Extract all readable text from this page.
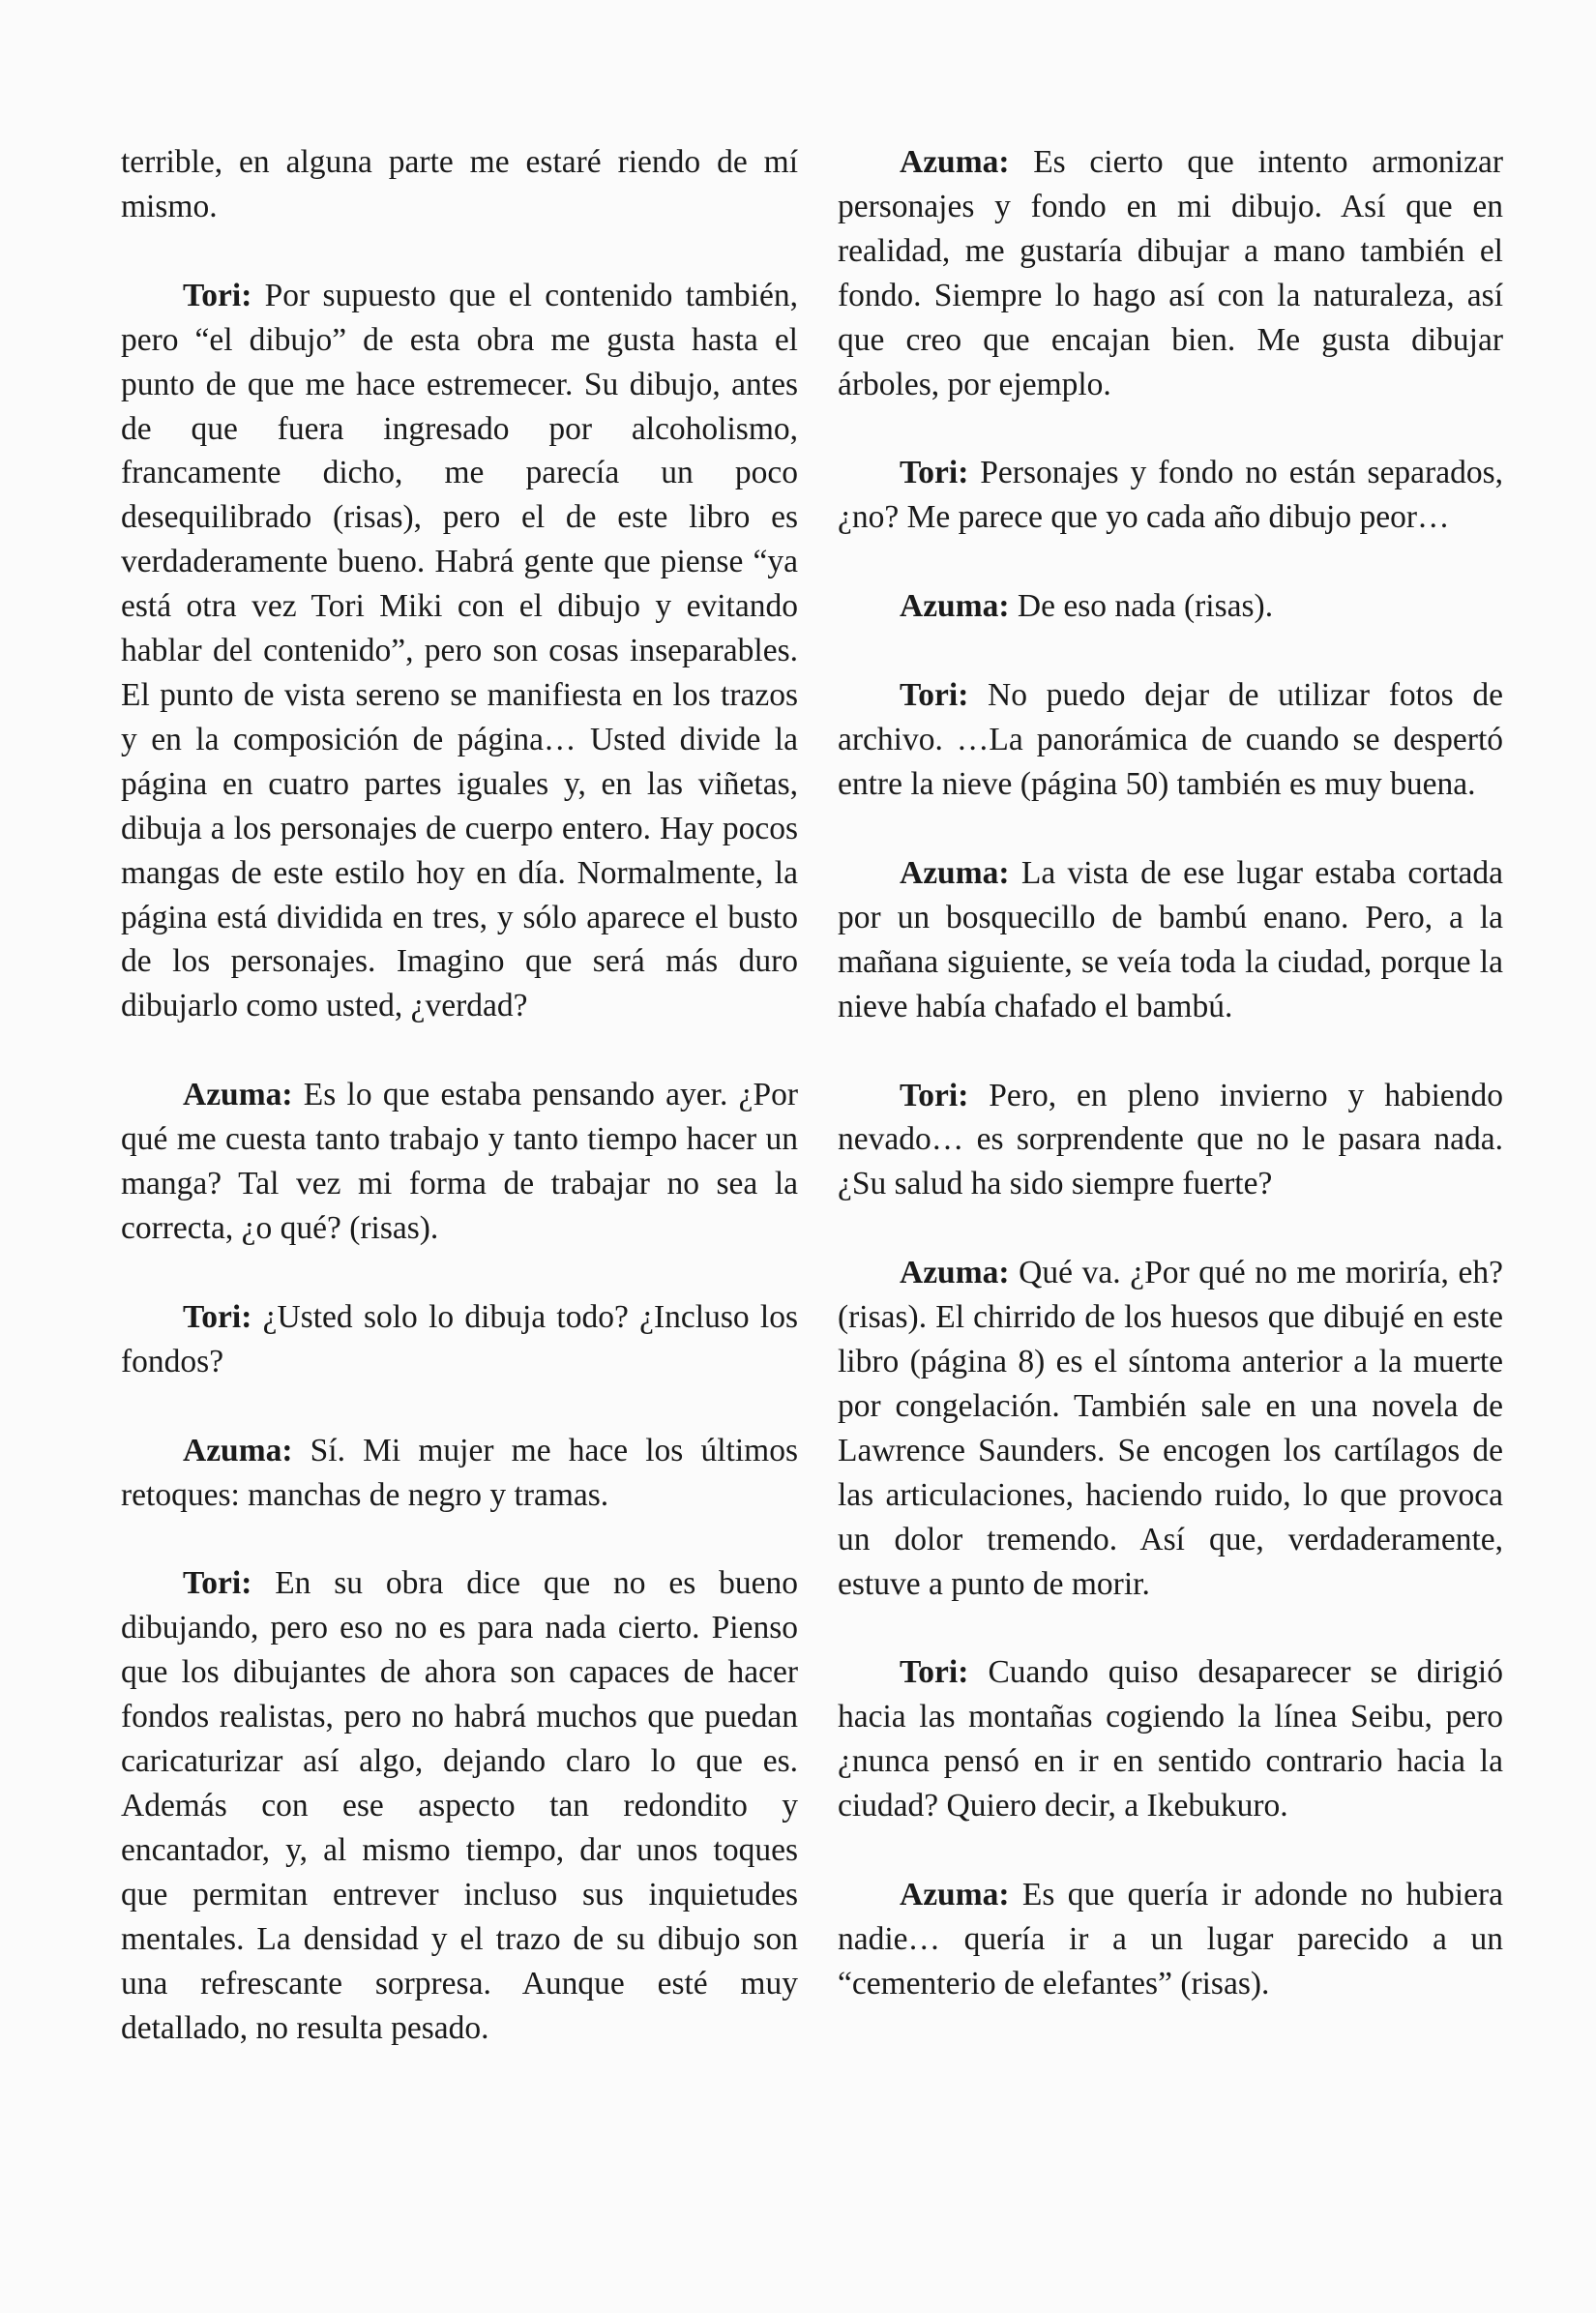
terrible, en alguna parte me estaré riendo de mí mismo.

Tori: Por supuesto que el contenido también, pero “el dibujo” de esta obra me gusta hasta el punto de que me hace estremecer. Su dibujo, antes de que fuera ingresado por alcoholismo, francamente dicho, me parecía un poco desequilibrado (risas), pero el de este libro es verdaderamente bueno. Habrá gente que piense “ya está otra vez Tori Miki con el dibujo y evitando hablar del contenido”, pero son cosas inseparables. El punto de vista sereno se manifiesta en los trazos y en la composición de página… Usted divide la página en cuatro partes iguales y, en las viñetas, dibuja a los personajes de cuerpo entero. Hay pocos mangas de este estilo hoy en día. Normalmente, la página está dividida en tres, y sólo aparece el busto de los personajes. Imagino que será más duro dibujarlo como usted, ¿verdad?

Azuma: Es lo que estaba pensando ayer. ¿Por qué me cuesta tanto trabajo y tanto tiempo hacer un manga? Tal vez mi forma de trabajar no sea la correcta, ¿o qué? (risas).

Tori: ¿Usted solo lo dibuja todo? ¿Incluso los fondos?

Azuma: Sí. Mi mujer me hace los últimos retoques: manchas de negro y tramas.

Tori: En su obra dice que no es bueno dibujando, pero eso no es para nada cierto. Pienso que los dibujantes de ahora son capaces de hacer fondos realistas, pero no habrá muchos que puedan caricaturizar así algo, dejando claro lo que es. Además con ese aspecto tan redondito y encantador, y, al mismo tiempo, dar unos toques que permitan entrever incluso sus inquietudes mentales. La densidad y el trazo de su dibujo son una refrescante sorpresa. Aunque esté muy detallado, no resulta pesado.

Azuma: Es cierto que intento armonizar personajes y fondo en mi dibujo. Así que en realidad, me gustaría dibujar a mano también el fondo. Siempre lo hago así con la naturaleza, así que creo que encajan bien. Me gusta dibujar árboles, por ejemplo.

Tori: Personajes y fondo no están separados, ¿no? Me parece que yo cada año dibujo peor…

Azuma: De eso nada (risas).

Tori: No puedo dejar de utilizar fotos de archivo. …La panorámica de cuando se despertó entre la nieve (página 50) también es muy buena.

Azuma: La vista de ese lugar estaba cortada por un bosquecillo de bambú enano. Pero, a la mañana siguiente, se veía toda la ciudad, porque la nieve había chafado el bambú.

Tori: Pero, en pleno invierno y habiendo nevado… es sorprendente que no le pasara nada. ¿Su salud ha sido siempre fuerte?

Azuma: Qué va. ¿Por qué no me moriría, eh? (risas). El chirrido de los huesos que dibujé en este libro (página 8) es el síntoma anterior a la muerte por congelación. También sale en una novela de Lawrence Saunders. Se encogen los cartílagos de las articulaciones, haciendo ruido, lo que provoca un dolor tremendo. Así que, verdaderamente, estuve a punto de morir.

Tori: Cuando quiso desaparecer se dirigió hacia las montañas cogiendo la línea Seibu, pero ¿nunca pensó en ir en sentido contrario hacia la ciudad? Quiero decir, a Ikebukuro.

Azuma: Es que quería ir adonde no hubiera nadie… quería ir a un lugar parecido a un “cementerio de elefantes” (risas).
